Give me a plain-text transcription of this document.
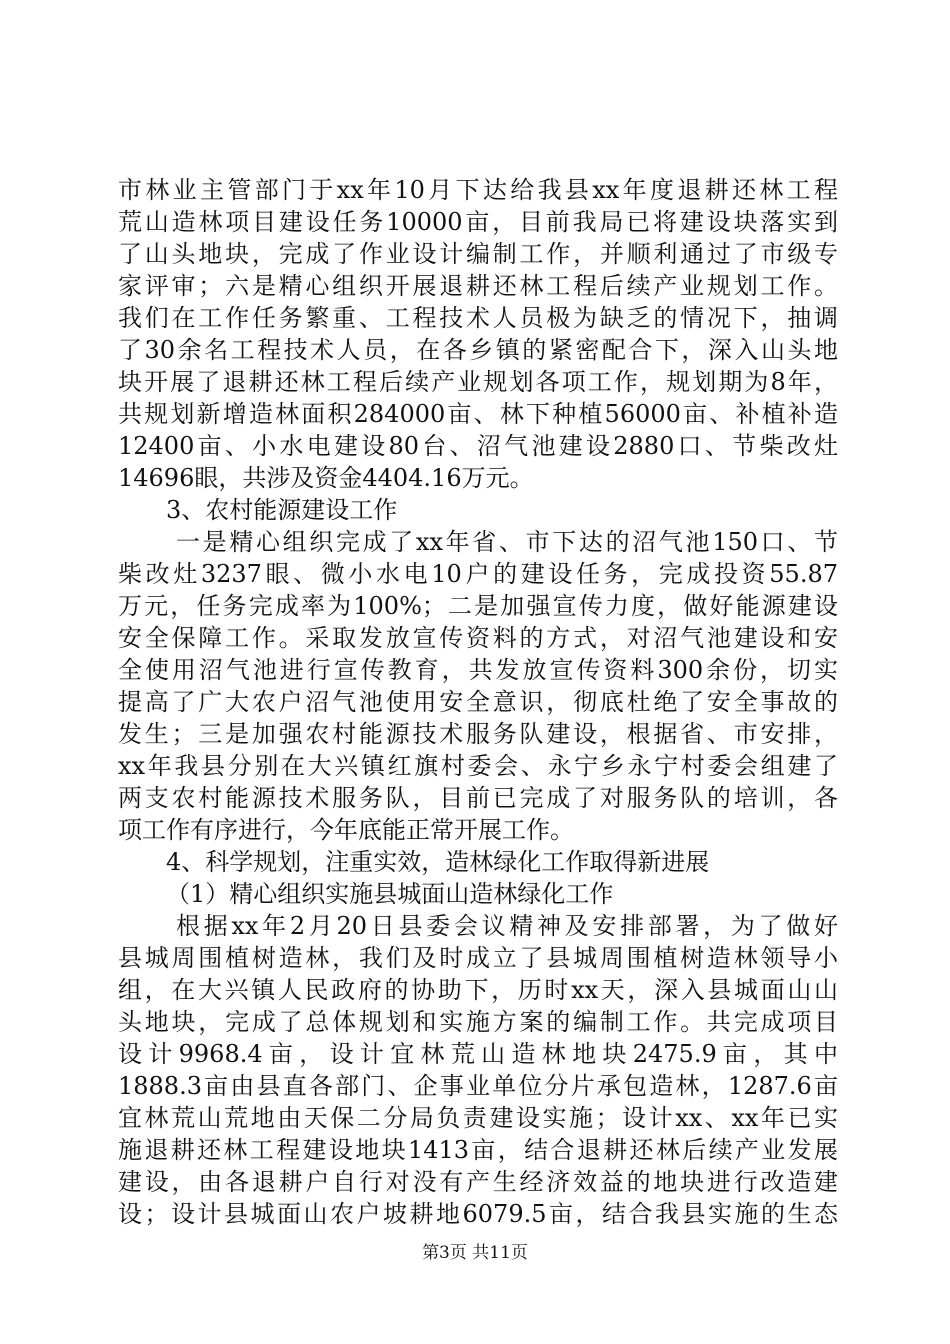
市林业主管部门于xx年10月下达给我县xx年度退耕还林工程
荒山造林项目建设任务10000亩，目前我局已将建设块落实到
了山头地块，完成了作业设计编制工作，并顺利通过了市级专
家评审；六是精心组织开展退耕还林工程后续产业规划工作。
我们在工作任务繁重、工程技术人员极为缺乏的情况下，抽调
了30余名工程技术人员，在各乡镇的紧密配合下，深入山头地
块开展了退耕还林工程后续产业规划各项工作，规划期为8年，
共规划新增造林面积284000亩、林下种植56000亩、补植补造
12400亩、小水电建设80台、沼气池建设2880口、节柴改灶
14696眼，共涉及资金4404.16万元。
3、农村能源建设工作
一是精心组织完成了xx年省、市下达的沼气池150口、节
柴改灶3237眼、微小水电10户的建设任务，完成投资55.87
万元，任务完成率为100%；二是加强宣传力度，做好能源建设
安全保障工作。采取发放宣传资料的方式，对沼气池建设和安
全使用沼气池进行宣传教育，共发放宣传资料300余份，切实
提高了广大农户沼气池使用安全意识，彻底杜绝了安全事故的
发生；三是加强农村能源技术服务队建设，根据省、市安排，
xx年我县分别在大兴镇红旗村委会、永宁乡永宁村委会组建了
两支农村能源技术服务队，目前已完成了对服务队的培训，各
项工作有序进行，今年底能正常开展工作。
4、科学规划，注重实效，造林绿化工作取得新进展
（1）精心组织实施县城面山造林绿化工作
根据xx年2月20日县委会议精神及安排部署，为了做好
县城周围植树造林，我们及时成立了县城周围植树造林领导小
组，在大兴镇人民政府的协助下，历时xx天，深入县城面山山
头地块，完成了总体规划和实施方案的编制工作。共完成项目
设计9968.4亩，设计宜林荒山造林地块2475.9亩，其中
1888.3亩由县直各部门、企事业单位分片承包造林，1287.6亩
宜林荒山荒地由天保二分局负责建设实施；设计xx、xx年已实
施退耕还林工程建设地块1413亩，结合退耕还林后续产业发展
建设，由各退耕户自行对没有产生经济效益的地块进行改造建
设；设计县城面山农户坡耕地6079.5亩，结合我县实施的生态
第3页 共11页
